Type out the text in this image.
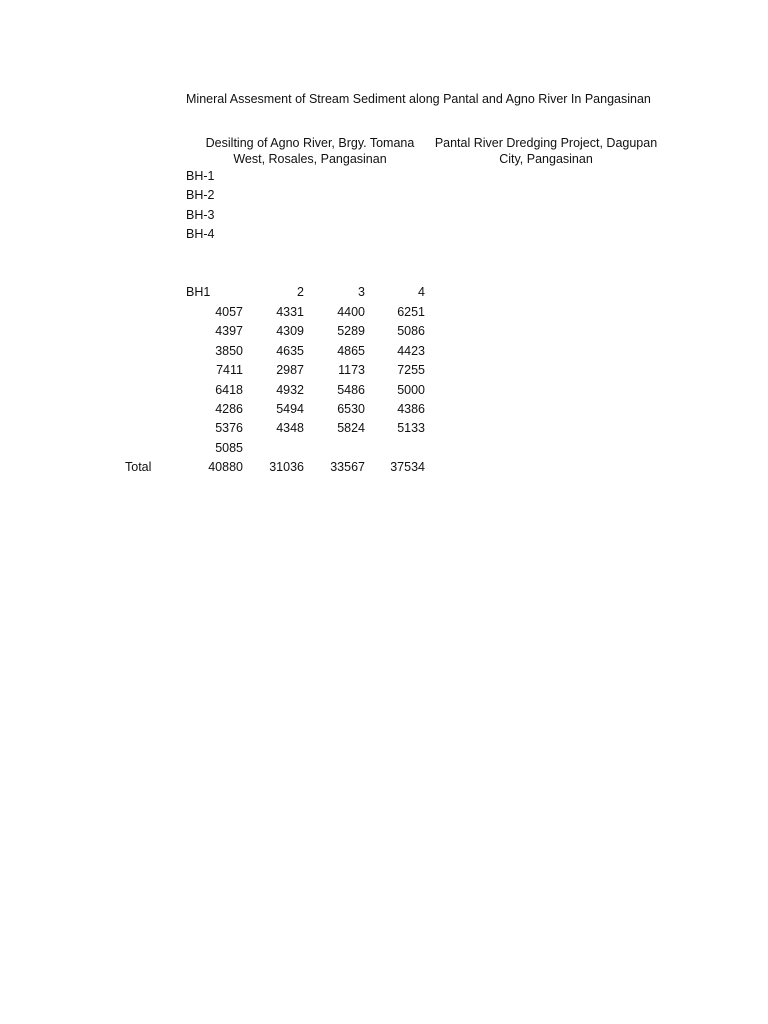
Mineral Assesment of Stream Sediment along Pantal and Agno River In Pangasinan
Desilting of Agno River, Brgy. Tomana
West, Rosales, Pangasinan
Pantal River Dredging Project, Dagupan
City, Pangasinan
BH-1
BH-2
BH-3
BH-4
BH1	2	3	4
4057	4331	4400	6251
4397	4309	5289	5086
3850	4635	4865	4423
7411	2987	1173	7255
6418	4932	5486	5000
4286	5494	6530	4386
5376	4348	5824	5133
5085
Total	40880	31036	33567	37534
